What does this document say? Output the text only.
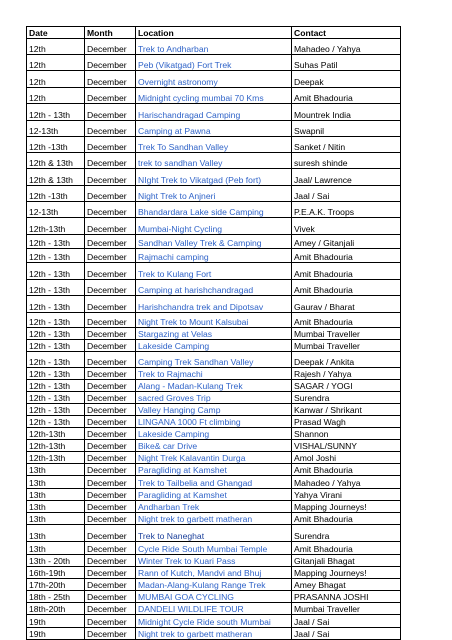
Date	Month	Location	Contact
12th	December	Trek to Andharban	Mahadeo / Yahya
12th	December	Peb (Vikatgad) Fort Trek	Suhas Patil
12th	December	Overnight astronomy	Deepak
12th	December	Midnight cycling mumbai 70 Kms	Amit Bhadouria
12th - 13th	December	Harischandragad Camping	Mountrek India
12-13th	December	Camping at Pawna	Swapnil
12th -13th	December	Trek To Sandhan Valley	Sanket / Nitin
12th & 13th	December	trek to sandhan Valley	suresh shinde
12th & 13th	December	NIght Trek to Vikatgad (Peb fort)	Jaal/ Lawrence
12th -13th	December	Night Trek to Anjneri	Jaal / Sai
12-13th	December	Bhandardara Lake side Camping	P.E.A.K. Troops
12th-13th	December	Mumbai-Night Cycling	Vivek
12th - 13th	December	Sandhan Valley Trek & Camping	Amey / Gitanjali
12th - 13th	December	Rajmachi camping	Amit Bhadouria
12th - 13th	December	Trek to Kulang Fort	Amit Bhadouria
12th - 13th	December	Camping at harishchandragad	Amit Bhadouria
12th - 13th	December	Harishchandra trek and Dipotsav	Gaurav / Bharat
12th - 13th	December	Night Trek to Mount Kalsubai	Amit Bhadouria
12th - 13th	December	Stargazing at Velas	Mumbai Traveller
12th - 13th	December	Lakeside Camping	Mumbai Traveller
12th - 13th	December	Camping Trek Sandhan Valley	Deepak / Ankita
12th - 13th	December	Trek to Rajmachi	Rajesh / Yahya
12th - 13th	December	Alang - Madan-Kulang Trek	SAGAR / YOGI
12th - 13th	December	sacred Groves Trip	Surendra
12th - 13th	December	Valley Hanging Camp	Kanwar / Shrikant
12th - 13th	December	LINGANA 1000 Ft climbing	Prasad Wagh
12th-13th	December	Lakeside Camping	Shannon
12th-13th	December	Bike& car Drive	VISHAL/SUNNY
12th-13th	December	Night Trek Kalavantin Durga	Amol Joshi
13th	December	Paragliding at Kamshet	Amit Bhadouria
13th	December	Trek to Tailbelia and Ghangad	Mahadeo / Yahya
13th	December	Paragliding at Kamshet	Yahya Virani
13th	December	Andharban Trek	Mapping Journeys!
13th	December	Night trek to garbett matheran	Amit Bhadouria
13th	December	Trek to Naneghat	Surendra
13th	December	Cycle Ride South Mumbai Temple	Amit Bhadouria
13th - 20th	December	Winter Trek to Kuari Pass	Gitanjali Bhagat
16th-19th	December	Rann of Kutch, Mandvi and Bhuj	Mapping Journeys!
17th-20th	December	Madan-Alang-Kulang Range Trek	Amey Bhagat
18th - 25th	December	MUMBAI GOA CYCLING	PRASANNA JOSHI
18th-20th	December	DANDELI WILDLIFE TOUR	Mumbai Traveller
19th	December	Midnight Cycle Ride south Mumbai	Jaal / Sai
19th	December	Night trek to garbett matheran	Jaal / Sai
